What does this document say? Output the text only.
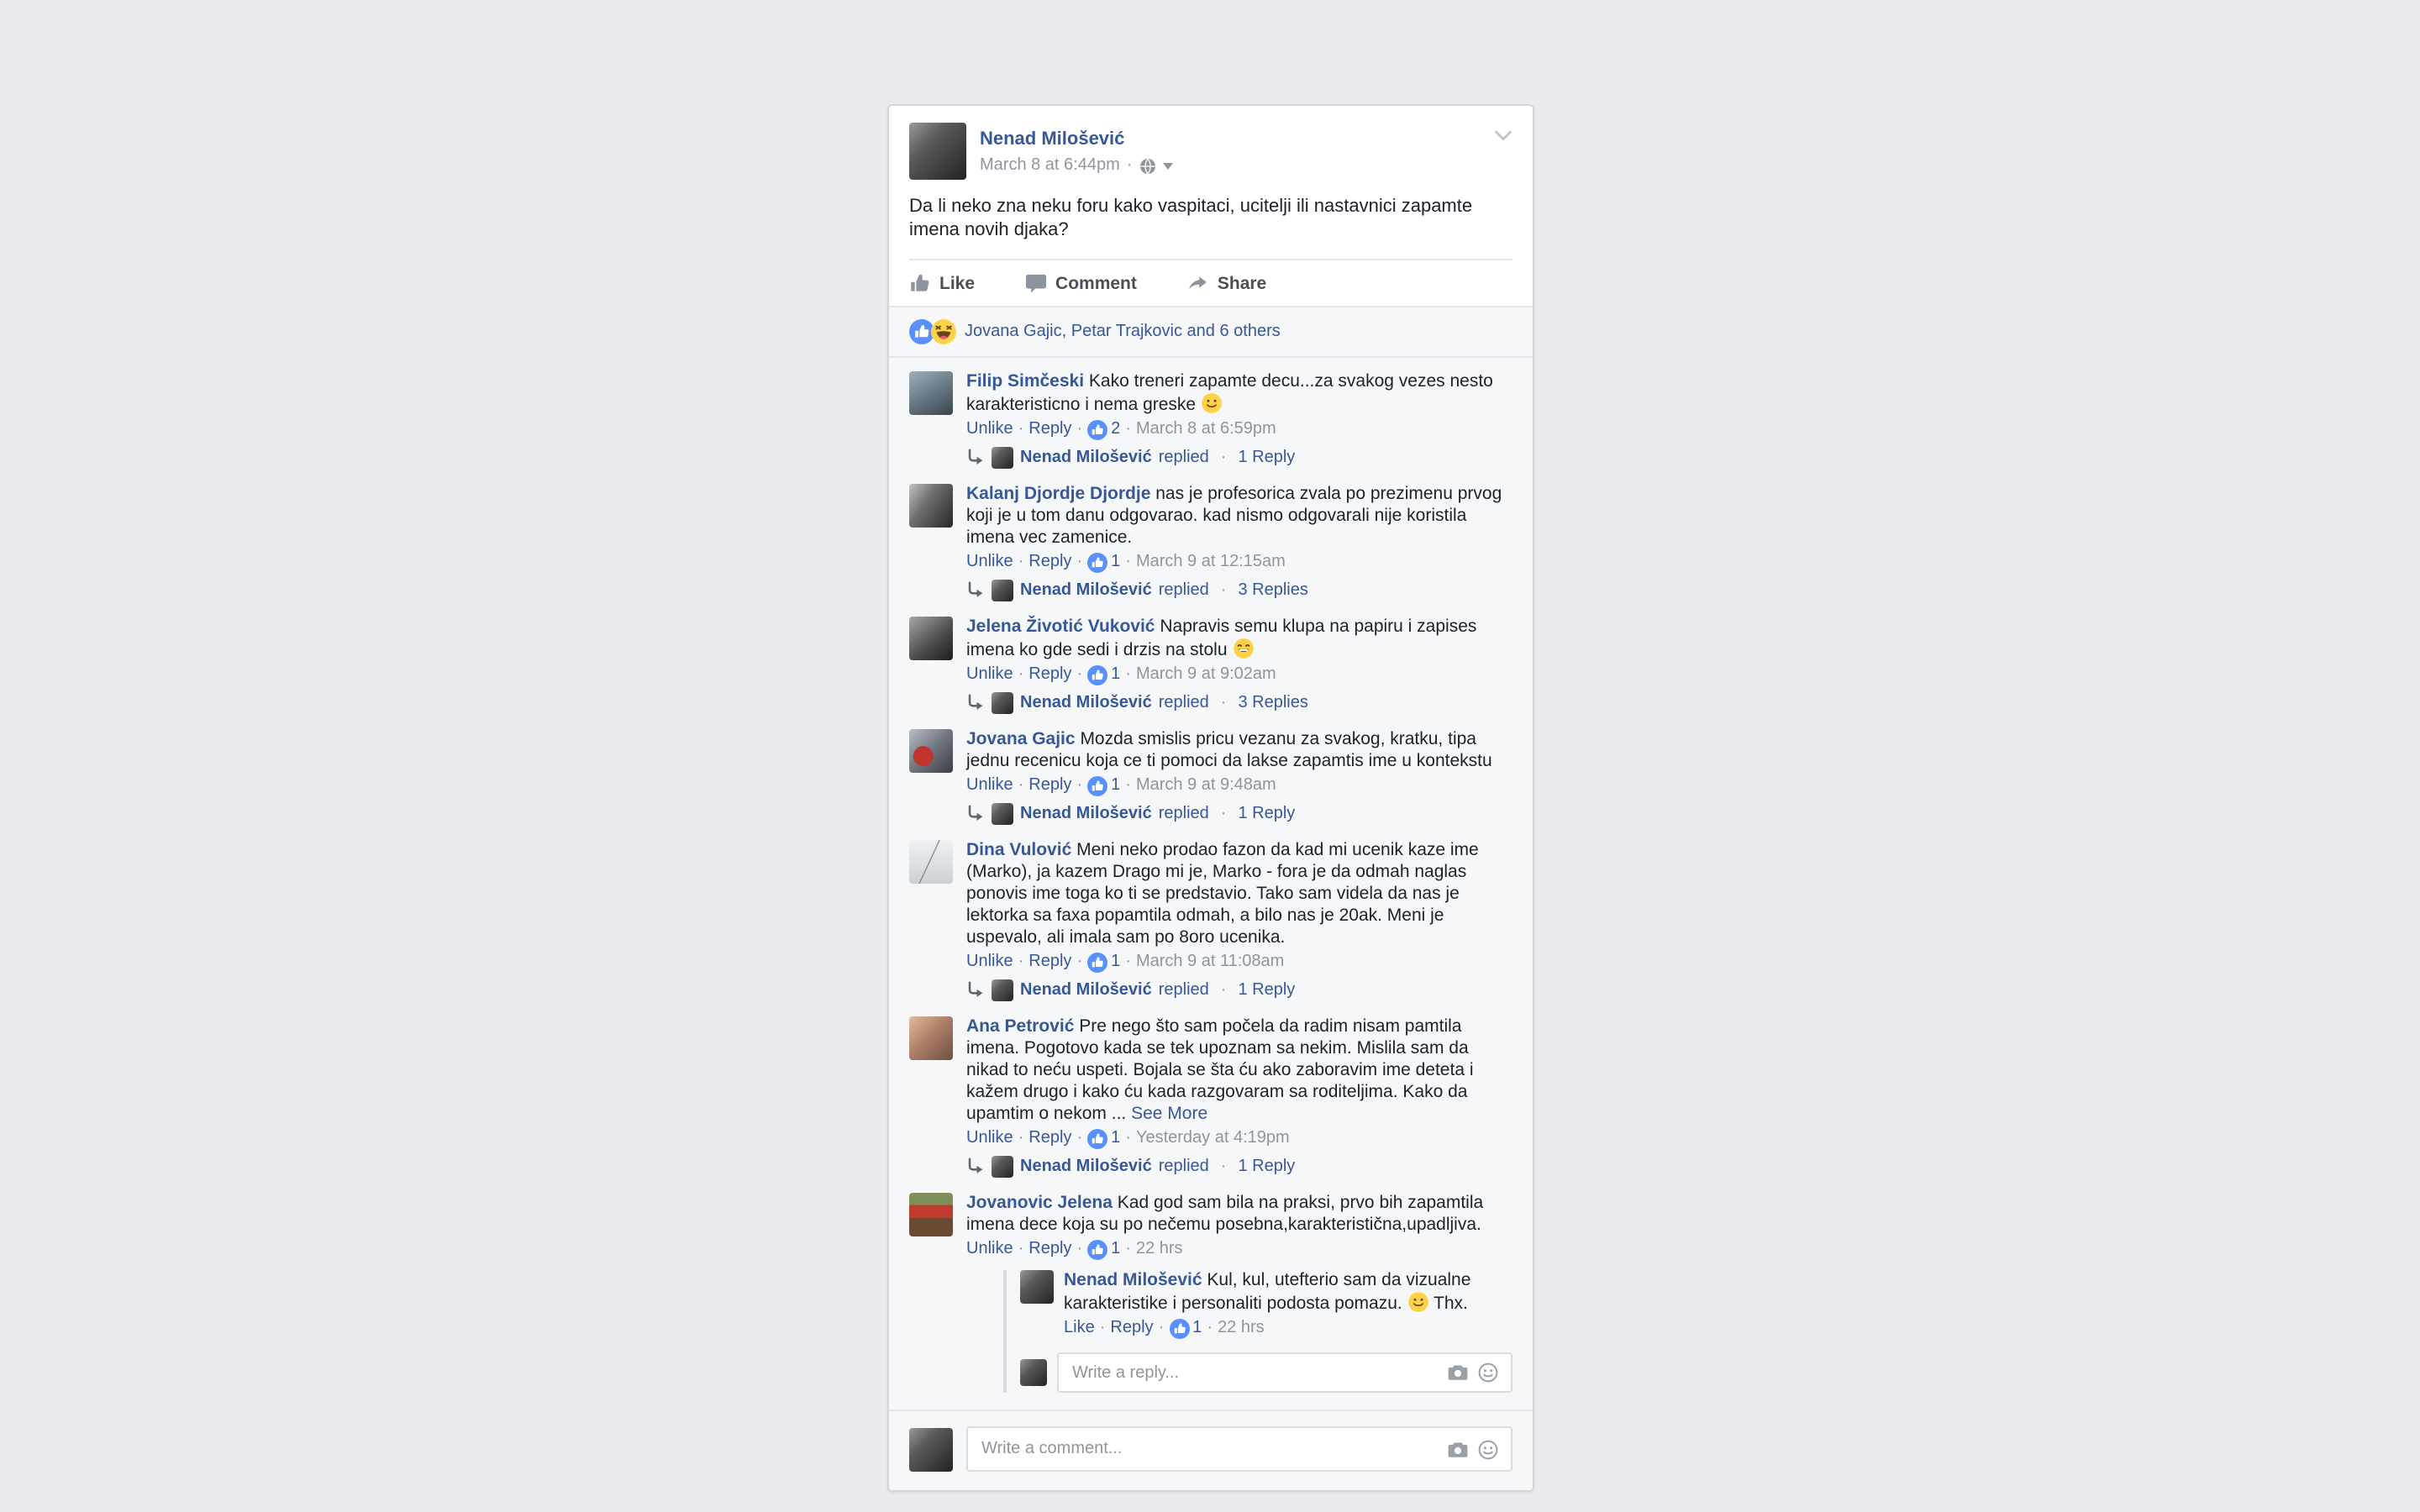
Nenad Milošević
March 8 at 6:44pm ·
Da li neko zna neku foru kako vaspitaci, ucitelji ili nastavnici zapamte imena novih djaka?
Like	Comment	Share
Jovana Gajic, Petar Trajkovic and 6 others
Filip Simčeski Kako treneri zapamte decu...za svakog vezes nesto karakteristicno i nema greske
Unlike · Reply ·	2 · March 8 at 6:59pm
Nenad Milošević replied · 1 Reply
Kalanj Djordje Djordje nas je profesorica zvala po prezimenu prvog koji je u tom danu odgovarao. kad nismo odgovarali nije koristila imena vec zamenice.
Unlike · Reply ·	1 · March 9 at 12:15am
Nenad Milošević replied · 3 Replies
Jelena Životić Vuković Napravis semu klupa na papiru i zapises imena ko gde sedi i drzis na stolu
Unlike · Reply ·	1 · March 9 at 9:02am
Nenad Milošević replied · 3 Replies
Jovana Gajic Mozda smislis pricu vezanu za svakog, kratku, tipa jednu recenicu koja ce ti pomoci da lakse zapamtis ime u kontekstu
Unlike · Reply ·	1 · March 9 at 9:48am
Nenad Milošević replied · 1 Reply
Dina Vulović Meni neko prodao fazon da kad mi ucenik kaze ime (Marko), ja kazem Drago mi je, Marko - fora je da odmah naglas ponovis ime toga ko ti se predstavio. Tako sam videla da nas je lektorka sa faxa popamtila odmah, a bilo nas je 20ak. Meni je uspevalo, ali imala sam po 8oro ucenika.
Unlike · Reply ·	1 · March 9 at 11:08am
Nenad Milošević replied · 1 Reply
Ana Petrović Pre nego što sam počela da radim nisam pamtila imena. Pogotovo kada se tek upoznam sa nekim. Mislila sam da nikad to neću uspeti. Bojala se šta ću ako zaboravim ime deteta i kažem drugo i kako ću kada razgovaram sa roditeljima. Kako da upamtim o nekom ... See More
Unlike · Reply ·	1 · Yesterday at 4:19pm
Nenad Milošević replied · 1 Reply
Jovanovic Jelena Kad god sam bila na praksi, prvo bih zapamtila imena dece koja su po nečemu posebna,karakteristična,upadljiva.
Unlike · Reply ·	1 · 22 hrs
Nenad Milošević Kul, kul, utefterio sam da vizualne karakteristike i personaliti podosta pomazu.	Thx.
Like · Reply ·	1 · 22 hrs
Write a reply...
Write a comment...
